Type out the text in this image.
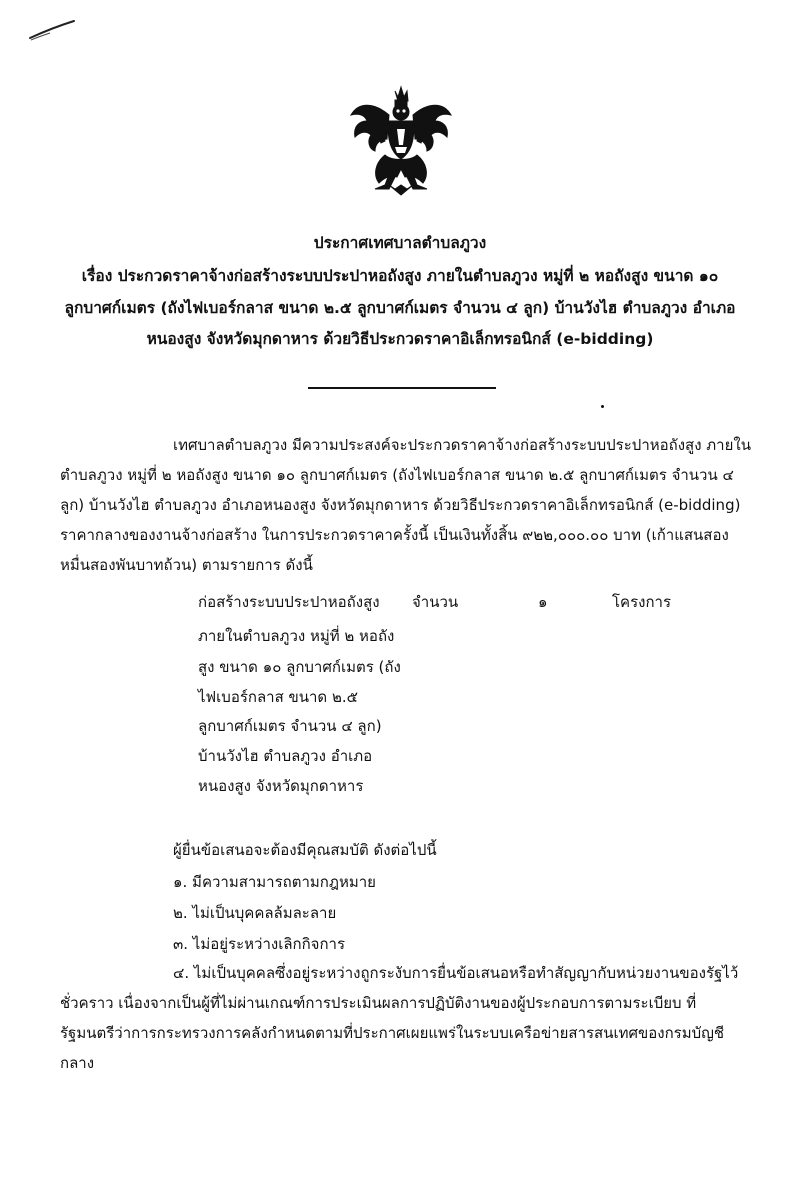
ประกาศเทศบาลตำบลภูวง
เรื่อง ประกวดราคาจ้างก่อสร้างระบบประปาหอถังสูง ภายในตำบลภูวง หมู่ที่ ๒ หอถังสูง ขนาด ๑๐
ลูกบาศก์เมตร (ถังไฟเบอร์กลาส ขนาด ๒.๕ ลูกบาศก์เมตร จำนวน ๔ ลูก) บ้านวังไฮ ตำบลภูวง อำเภอ
หนองสูง จังหวัดมุกดาหาร ด้วยวิธีประกวดราคาอิเล็กทรอนิกส์ (e-bidding)
เทศบาลตำบลภูวง มีความประสงค์จะประกวดราคาจ้างก่อสร้างระบบประปาหอถังสูง ภายใน
ตำบลภูวง หมู่ที่ ๒ หอถังสูง ขนาด ๑๐ ลูกบาศก์เมตร (ถังไฟเบอร์กลาส ขนาด ๒.๕ ลูกบาศก์เมตร จำนวน ๔
ลูก) บ้านวังไฮ ตำบลภูวง อำเภอหนองสูง จังหวัดมุกดาหาร ด้วยวิธีประกวดราคาอิเล็กทรอนิกส์ (e-bidding)
ราคากลางของงานจ้างก่อสร้าง ในการประกวดราคาครั้งนี้ เป็นเงินทั้งสิ้น ๙๒๒,๐๐๐.๐๐ บาท (เก้าแสนสอง
หมื่นสองพันบาทถ้วน) ตามรายการ ดังนี้
ก่อสร้างระบบประปาหอถังสูง
ภายในตำบลภูวง หมู่ที่ ๒ หอถัง
สูง ขนาด ๑๐ ลูกบาศก์เมตร (ถัง
ไฟเบอร์กลาส ขนาด ๒.๕
ลูกบาศก์เมตร จำนวน ๔ ลูก)
บ้านวังไฮ ตำบลภูวง อำเภอ
หนองสูง จังหวัดมุกดาหาร
จำนวน	๑	โครงการ
ผู้ยื่นข้อเสนอจะต้องมีคุณสมบัติ ดังต่อไปนี้
๑. มีความสามารถตามกฎหมาย
๒. ไม่เป็นบุคคลล้มละลาย
๓. ไม่อยู่ระหว่างเลิกกิจการ
๔. ไม่เป็นบุคคลซึ่งอยู่ระหว่างถูกระงับการยื่นข้อเสนอหรือทำสัญญากับหน่วยงานของรัฐไว้
ชั่วคราว เนื่องจากเป็นผู้ที่ไม่ผ่านเกณฑ์การประเมินผลการปฏิบัติงานของผู้ประกอบการตามระเบียบ ที่
รัฐมนตรีว่าการกระทรวงการคลังกำหนดตามที่ประกาศเผยแพร่ในระบบเครือข่ายสารสนเทศของกรมบัญชี
กลาง
